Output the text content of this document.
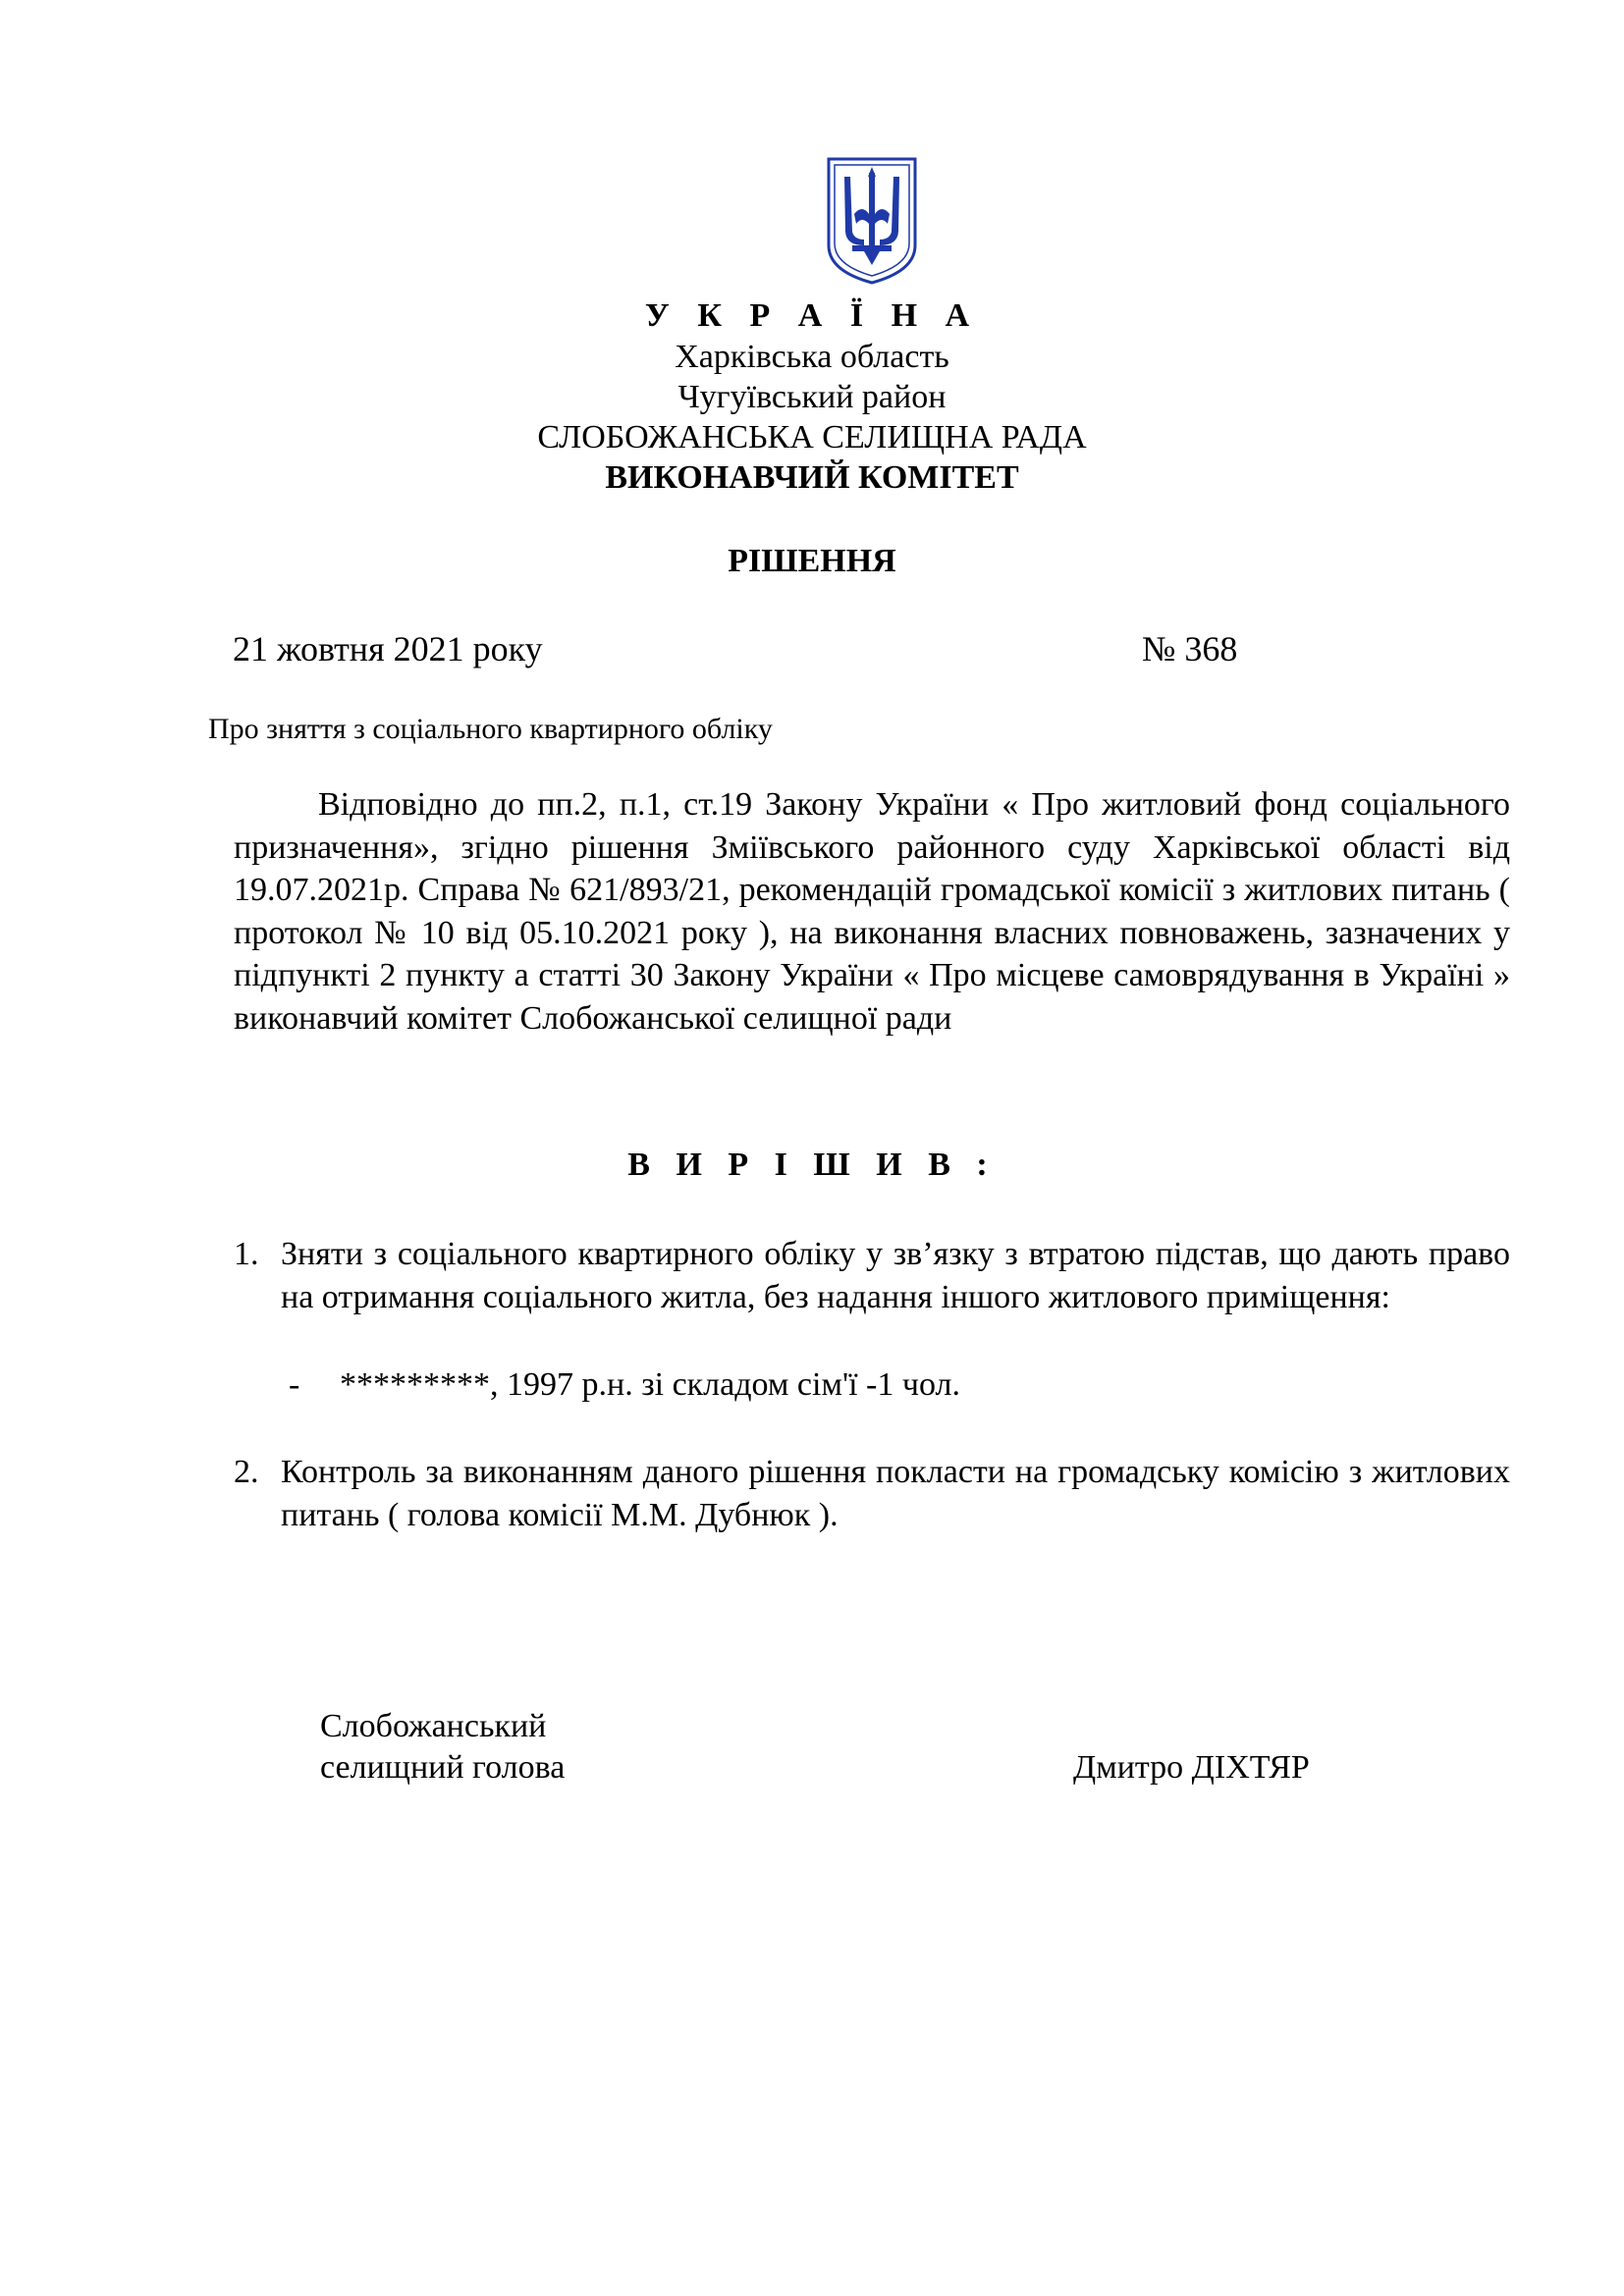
У К Р А Ї Н А
Харківська область
Чугуївський район
СЛОБОЖАНСЬКА СЕЛИЩНА РАДА
ВИКОНАВЧИЙ КОМІТЕТ
РІШЕННЯ
21 жовтня 2021 року	№ 368
Про зняття з соціального квартирного обліку

Відповідно до пп.2, п.1, ст.19 Закону України « Про житловий фонд соціального призначення», згідно рішення Зміївського районного суду Харківської області від 19.07.2021р. Справа № 621/893/21, рекомендацій громадської комісії з житлових питань ( протокол № 10 від 05.10.2021 року ), на виконання власних повноважень, зазначених у підпункті 2 пункту а статті 30 Закону України « Про місцеве самоврядування в Україні » виконавчий комітет Слобожанської селищної ради

В И Р І Ш И В :
1. Зняти з соціального квартирного обліку у зв’язку з втратою підстав, що дають право на отримання соціального житла, без надання іншого житлового приміщення:
- *********, 1997 р.н. зі складом сім'ї -1 чол.
2. Контроль за виконанням даного рішення покласти на громадську комісію з житлових питань ( голова комісії М.М. Дубнюк ).
Слобожанський
селищний голова	Дмитро ДІХТЯР
